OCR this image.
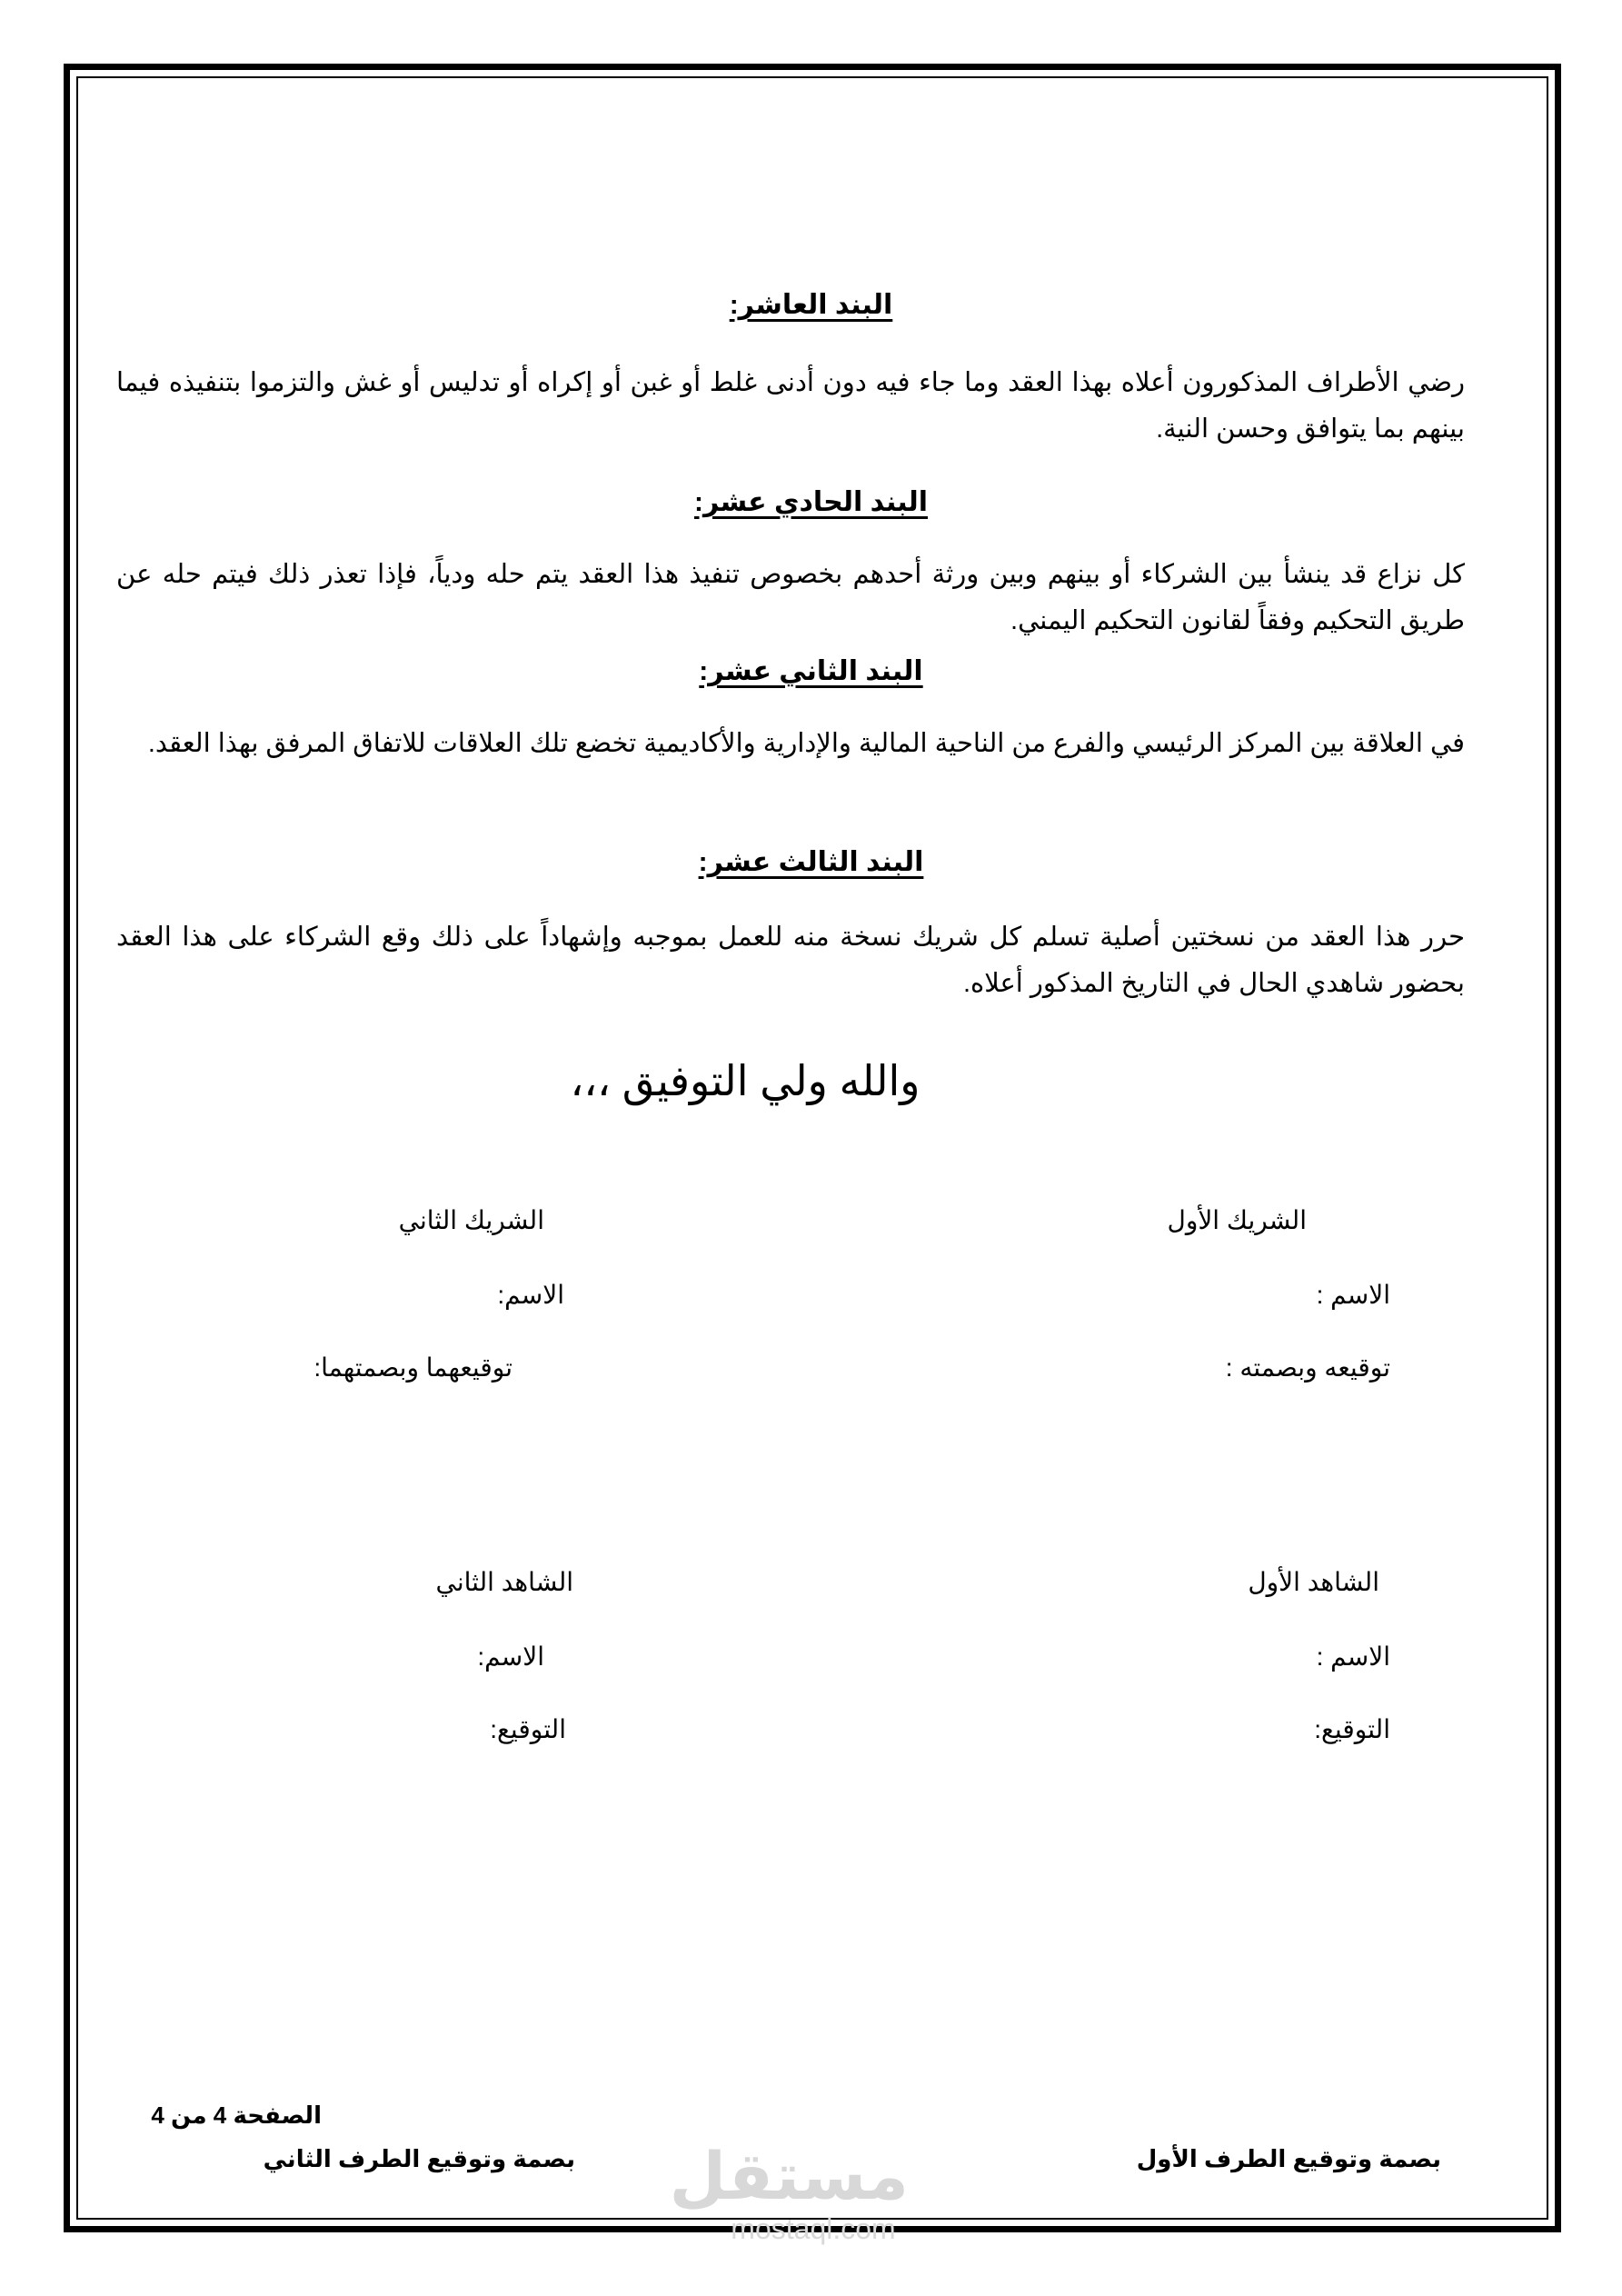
البند العاشر:
رضي الأطراف المذكورون أعلاه بهذا العقد وما جاء فيه دون أدنى غلط أو غبن أو إكراه أو تدليس أو غش والتزموا بتنفيذه فيما بينهم بما يتوافق وحسن النية.
البند الحادي عشر:
كل نزاع قد ينشأ بين الشركاء أو بينهم وبين ورثة أحدهم بخصوص تنفيذ هذا العقد يتم حله ودياً، فإذا تعذر ذلك فيتم حله عن طريق التحكيم وفقاً لقانون التحكيم اليمني.
البند الثاني عشر:
في العلاقة بين المركز الرئيسي والفرع من الناحية المالية والإدارية والأكاديمية تخضع تلك العلاقات للاتفاق المرفق بهذا العقد.
البند الثالث عشر:
حرر هذا العقد من نسختين أصلية تسلم كل شريك نسخة منه للعمل بموجبه وإشهاداً على ذلك وقع الشركاء على هذا العقد بحضور شاهدي الحال في التاريخ المذكور أعلاه.
والله ولي التوفيق ،،،
الشريك الأول
الشريك الثاني
الاسم :
الاسم:
توقيعه وبصمته :
توقيعهما وبصمتهما:
الشاهد الأول
الشاهد الثاني
الاسم :
الاسم:
التوقيع:
التوقيع:
الصفحة 4 من 4
بصمة وتوقيع الطرف الأول
بصمة وتوقيع الطرف الثاني مستقل
mostaql.com
